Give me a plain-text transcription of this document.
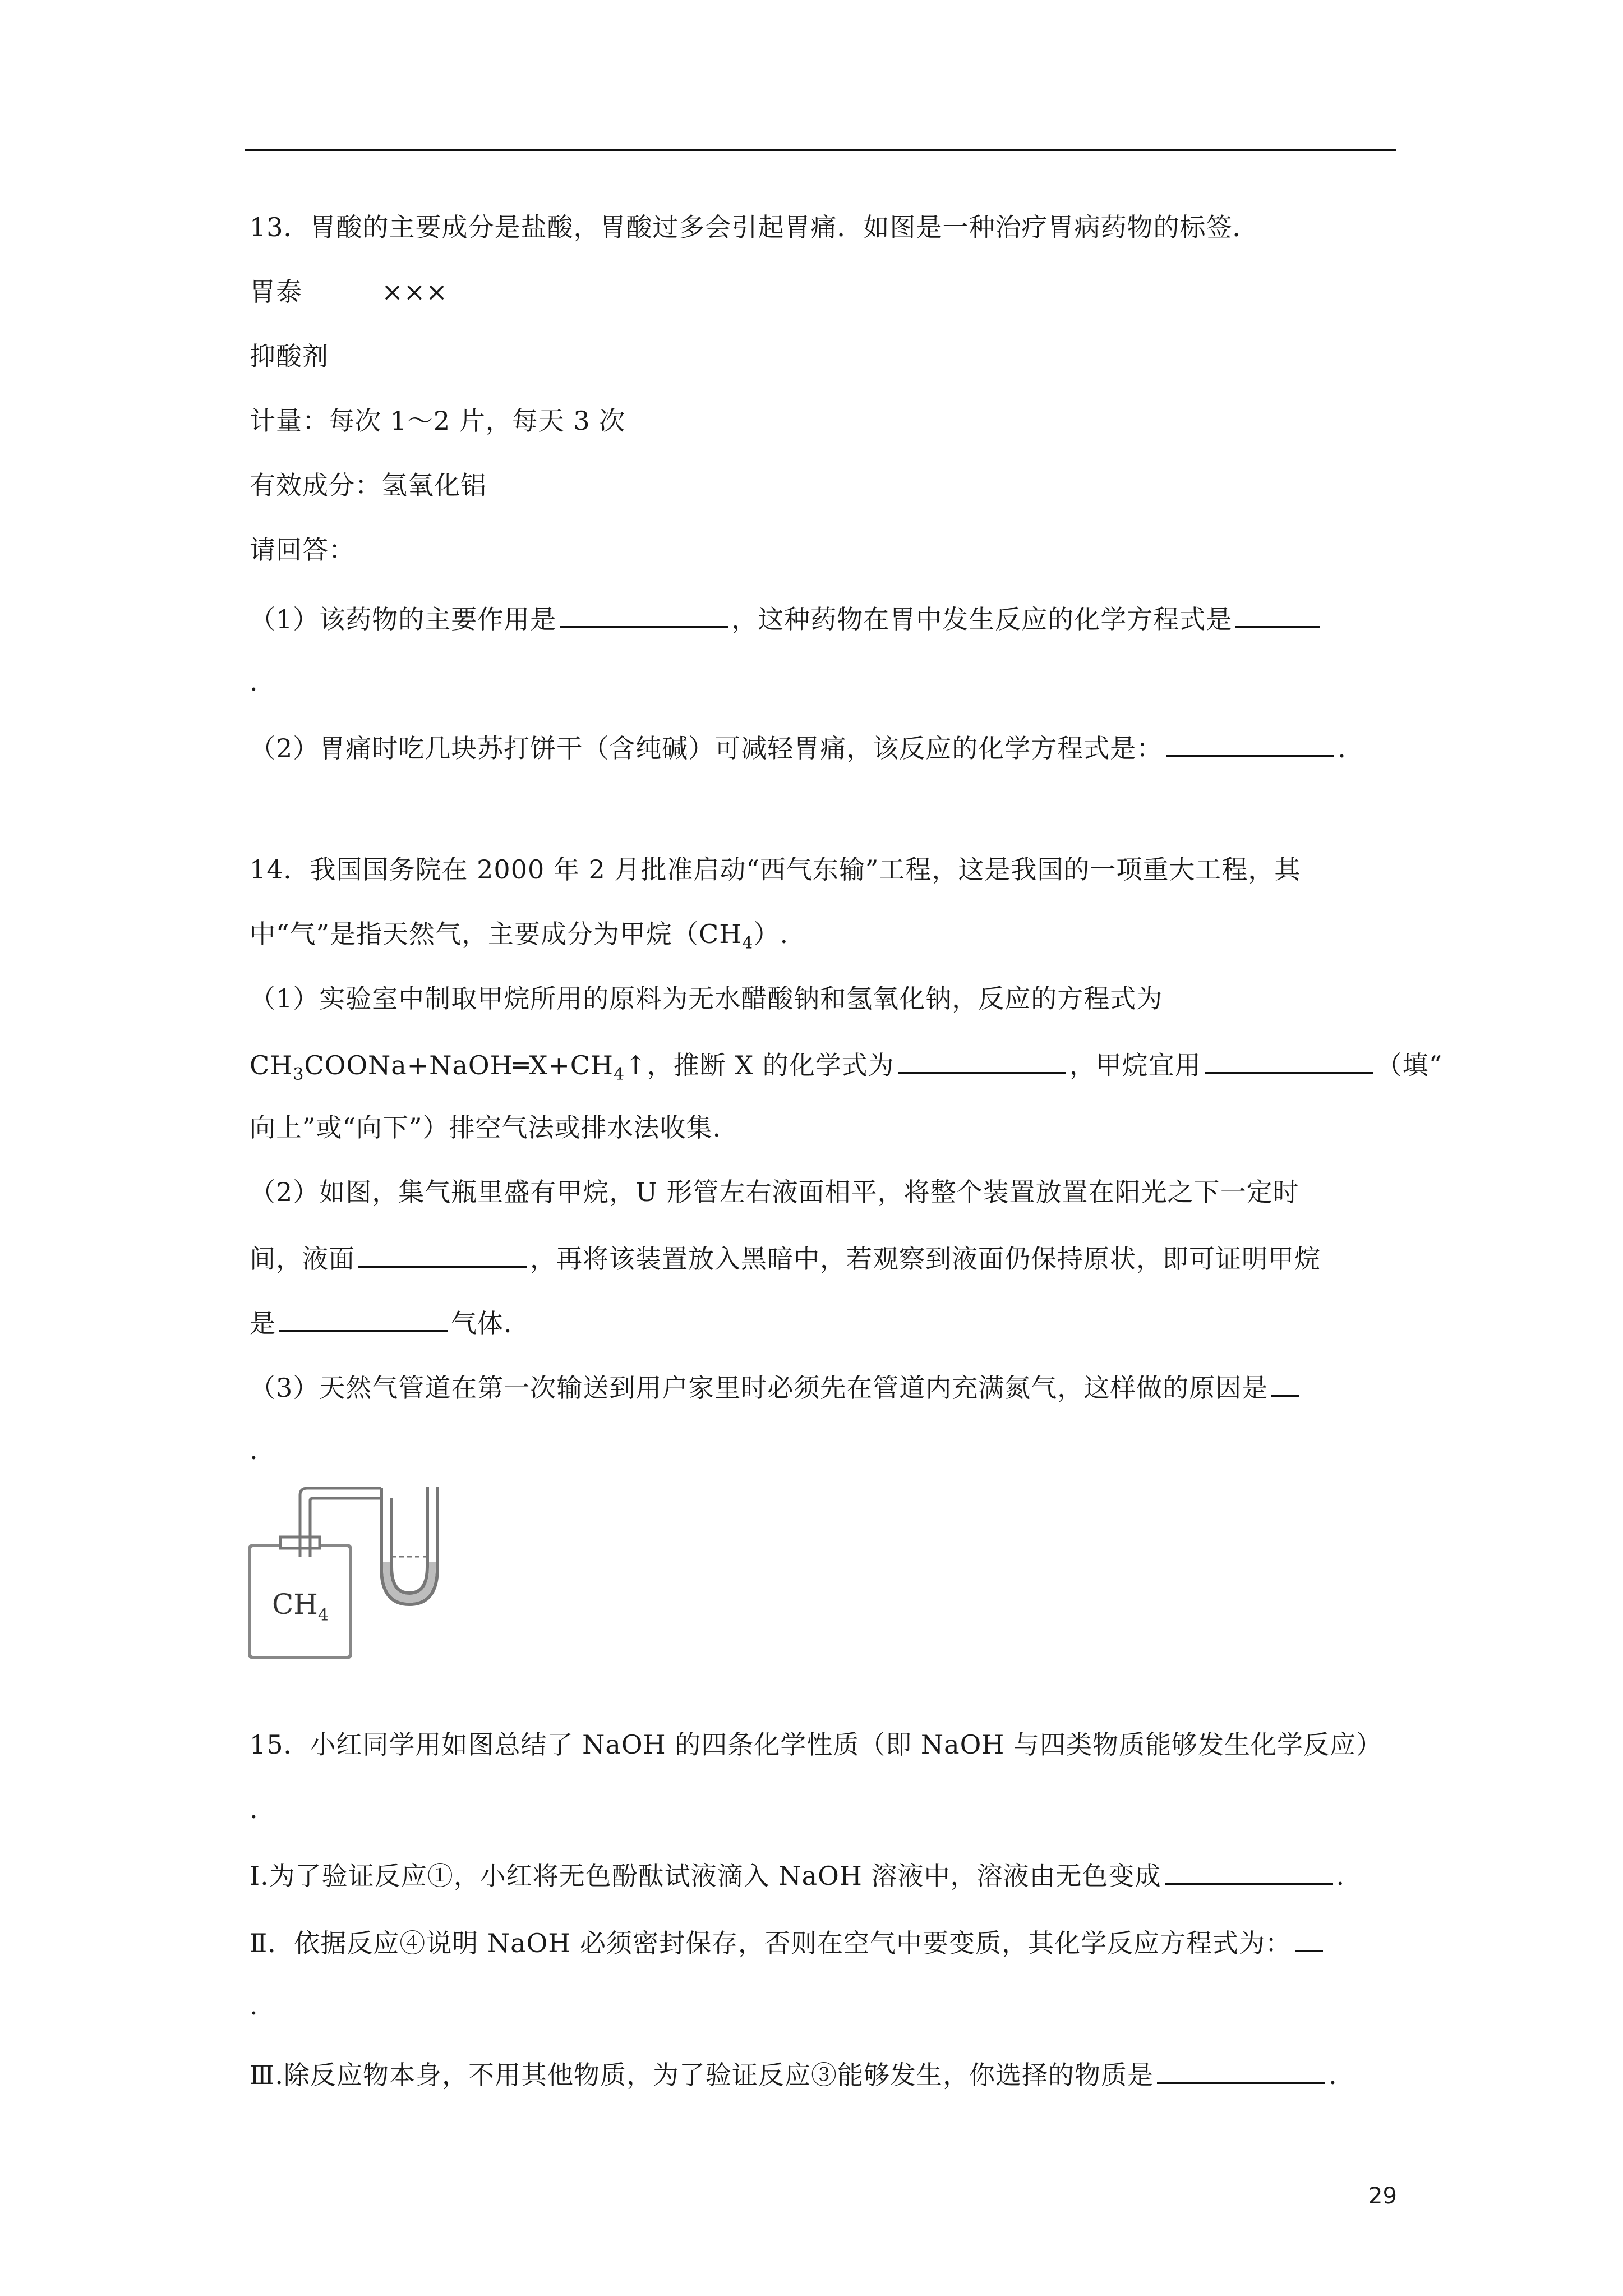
13．胃酸的主要成分是盐酸，胃酸过多会引起胃痛．如图是一种治疗胃病药物的标签．
胃泰	×××
抑酸剂
计量：每次 1～2 片，每天 3 次
有效成分：氢氧化铝
请回答：
（1）该药物的主要作用是	，这种药物在胃中发生反应的化学方程式是
.
（2）胃痛时吃几块苏打饼干（含纯碱）可减轻胃痛，该反应的化学方程式是：	.
14．我国国务院在 2000 年 2 月批准启动“西气东输”工程，这是我国的一项重大工程，其
中“气”是指天然气，主要成分为甲烷$(CH_4)$.
（1）实验室中制取甲烷所用的原料为无水醋酸钠和氢氧化钠，反应的方程式为
$CH_3COONa+NaOH═X+CH_4↑$，推断 X 的化学式为	，甲烷宜用	（填“
向上”或“向下”）排空气法或排水法收集.
（2）如图，集气瓶里盛有甲烷，U 形管左右液面相平，将整个装置放置在阳光之下一定时
间，液面	，再将该装置放入黑暗中，若观察到液面仍保持原状，即可证明甲烷
是	气体.
（3）天然气管道在第一次输送到用户家里时必须先在管道内充满氮气，这样做的原因是
.
$CH_4$
15．小红同学用如图总结了 NaOH 的四条化学性质（即 NaOH 与四类物质能够发生化学反应）
.
Ⅰ.为了验证反应①，小红将无色酚酞试液滴入 NaOH 溶液中，溶液由无色变成	.
Ⅱ．依据反应④说明 NaOH 必须密封保存，否则在空气中要变质，其化学反应方程式为：
.
Ⅲ.除反应物本身，不用其他物质，为了验证反应③能够发生，你选择的物质是	.
29
